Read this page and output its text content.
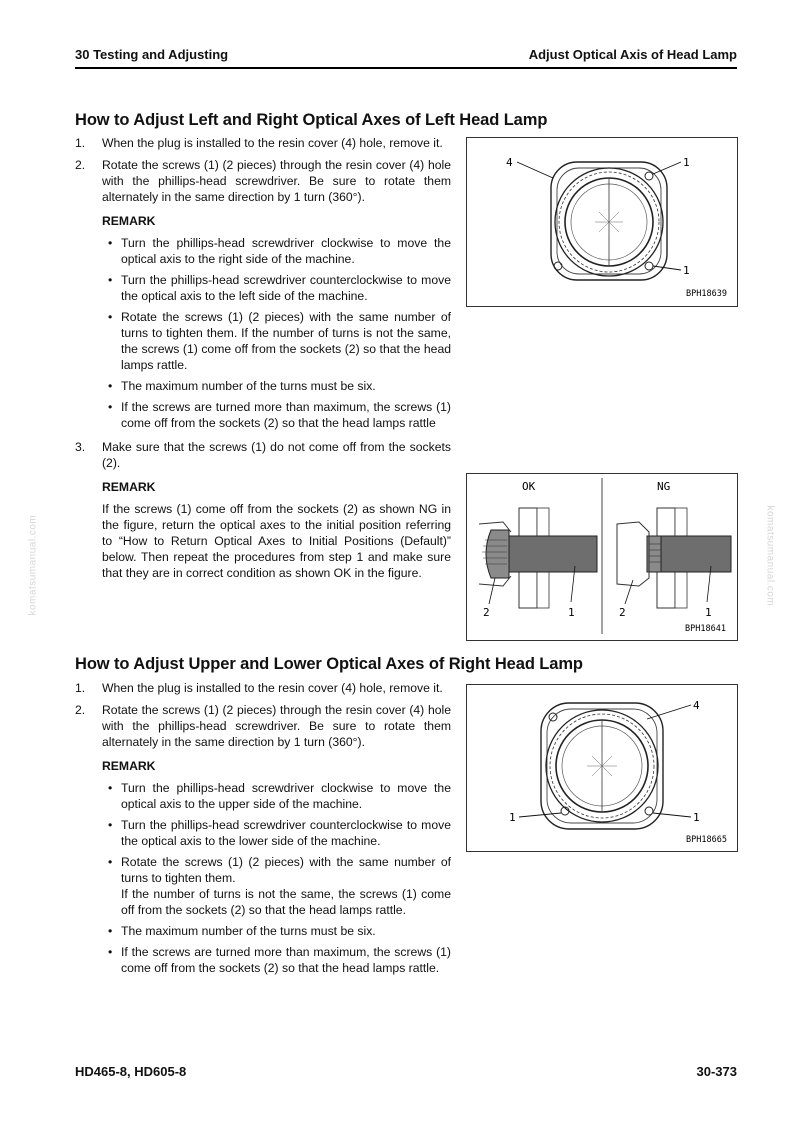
30 Testing and Adjusting	Adjust Optical Axis of Head Lamp
komatsumanual.com	komatsumanual.com
How to Adjust Left and Right Optical Axes of Left Head Lamp
1.	When the plug is installed to the resin cover (4) hole, remove it.
2.	Rotate the screws (1) (2 pieces) through the resin cover (4) hole with the phillips-head screwdriver. Be sure to rotate them alternately in the same direction by 1 turn (360°).
REMARK
• Turn the phillips-head screwdriver clockwise to move the optical axis to the right side of the machine.
• Turn the phillips-head screwdriver counterclockwise to move the optical axis to the left side of the machine.
• Rotate the screws (1) (2 pieces) with the same number of turns to tighten them. If the number of turns is not the same, the screws (1) come off from the sockets (2) so that the head lamps rattle.
• The maximum number of the turns must be six.
• If the screws are turned more than maximum, the screws (1) come off from the sockets (2) so that the head lamps rattle
3.	Make sure that the screws (1) do not come off from the sockets (2).
REMARK
If the screws (1) come off from the sockets (2) as shown NG in the figure, return the optical axes to the initial position referring to “How to Return Optical Axes to Initial Positions (Default)” below. Then repeat the procedures from step 1 and make sure that they are in correct condition as shown OK in the figure.
4	1
1
BPH18639
OK	NG
2	1	2	1
BPH18641
How to Adjust Upper and Lower Optical Axes of Right Head Lamp
1.	When the plug is installed to the resin cover (4) hole, remove it.
2.	Rotate the screws (1) (2 pieces) through the resin cover (4) hole with the phillips-head screwdriver. Be sure to rotate them alternately in the same direction by 1 turn (360°).
REMARK
• Turn the phillips-head screwdriver clockwise to move the optical axis to the upper side of the machine.
• Turn the phillips-head screwdriver counterclockwise to move the optical axis to the lower side of the machine.
• Rotate the screws (1) (2 pieces) with the same number of turns to tighten them.
If the number of turns is not the same, the screws (1) come off from the sockets (2) so that the head lamps rattle.
• The maximum number of the turns must be six.
• If the screws are turned more than maximum, the screws (1) come off from the sockets (2) so that the head lamps rattle.
4
1	1
BPH18665
HD465-8, HD605-8	30-373
